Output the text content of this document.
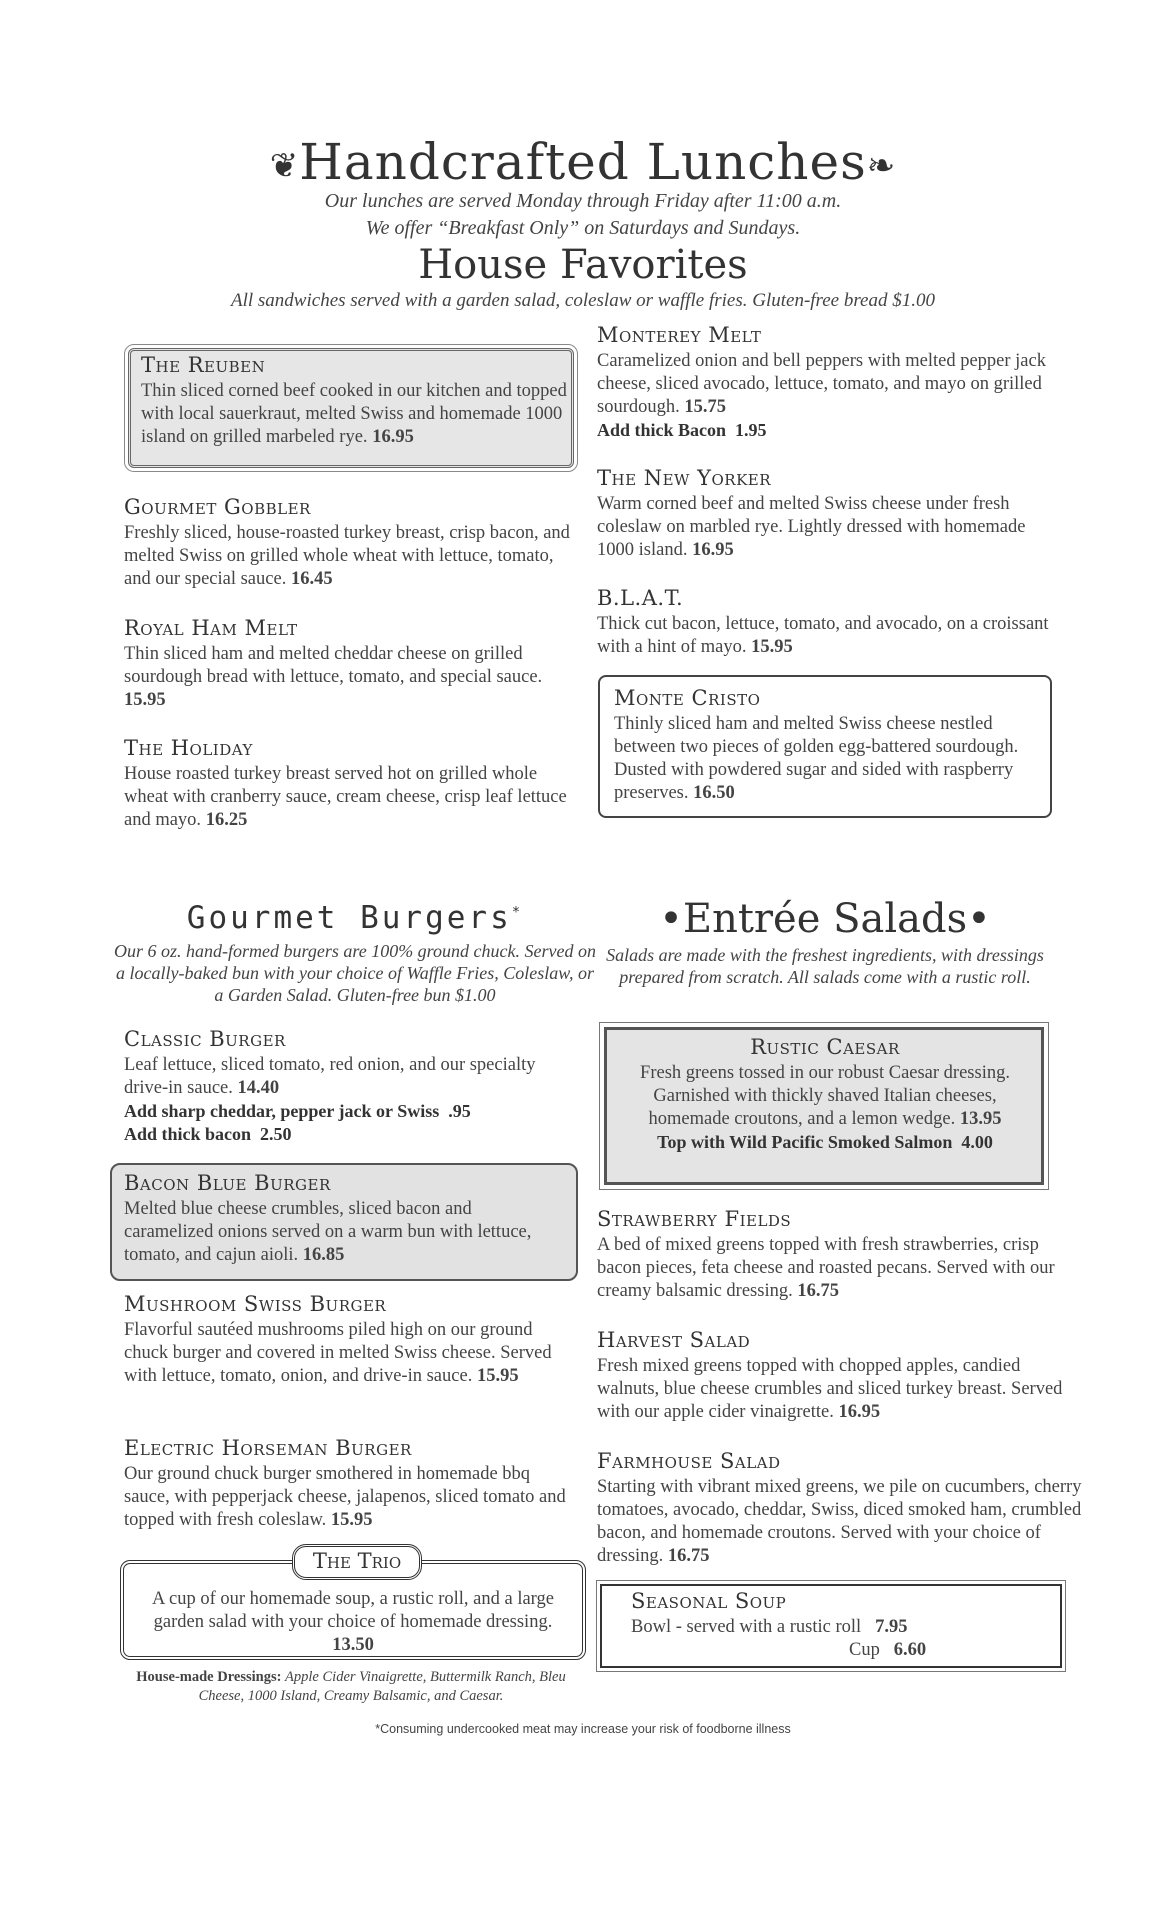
❦Handcrafted Lunches❧
Our lunches are served Monday through Friday after 11:00 a.m.
We offer “Breakfast Only” on Saturdays and Sundays.
House Favorites
All sandwiches served with a garden salad, coleslaw or waffle fries. Gluten-free bread $1.00
The Reuben
Thin sliced corned beef cooked in our kitchen and topped with local sauerkraut, melted Swiss and homemade 1000 island on grilled marbeled rye. 16.95
Gourmet Gobbler
Freshly sliced, house-roasted turkey breast, crisp bacon, and melted Swiss on grilled whole wheat with lettuce, tomato, and our special sauce. 16.45
Royal Ham Melt
Thin sliced ham and melted cheddar cheese on grilled sourdough bread with lettuce, tomato, and special sauce. 15.95
The Holiday
House roasted turkey breast served hot on grilled whole wheat with cranberry sauce, cream cheese, crisp leaf lettuce and mayo. 16.25
Monterey Melt
Caramelized onion and bell peppers with melted pepper jack cheese, sliced avocado, lettuce, tomato, and mayo on grilled sourdough. 15.75
Add thick Bacon 1.95
The New Yorker
Warm corned beef and melted Swiss cheese under fresh coleslaw on marbled rye. Lightly dressed with homemade 1000 island. 16.95
B.L.A.T.
Thick cut bacon, lettuce, tomato, and avocado, on a croissant with a hint of mayo. 15.95
Monte Cristo
Thinly sliced ham and melted Swiss cheese nestled between two pieces of golden egg-battered sourdough. Dusted with powdered sugar and sided with raspberry preserves. 16.50
Gourmet Burgers*
Our 6 oz. hand-formed burgers are 100% ground chuck. Served on a locally-baked bun with your choice of Waffle Fries, Coleslaw, or a Garden Salad. Gluten-free bun $1.00
Classic Burger
Leaf lettuce, sliced tomato, red onion, and our specialty drive-in sauce. 14.40
Add sharp cheddar, pepper jack or Swiss .95
Add thick bacon 2.50
Bacon Blue Burger
Melted blue cheese crumbles, sliced bacon and caramelized onions served on a warm bun with lettuce, tomato, and cajun aioli. 16.85
Mushroom Swiss Burger
Flavorful sautéed mushrooms piled high on our ground chuck burger and covered in melted Swiss cheese. Served with lettuce, tomato, onion, and drive-in sauce. 15.95
Electric Horseman Burger
Our ground chuck burger smothered in homemade bbq sauce, with pepperjack cheese, jalapenos, sliced tomato and topped with fresh coleslaw. 15.95
The Trio
A cup of our homemade soup, a rustic roll, and a large garden salad with your choice of homemade dressing. 13.50
House-made Dressings: Apple Cider Vinaigrette, Buttermilk Ranch, Bleu Cheese, 1000 Island, Creamy Balsamic, and Caesar.
•Entrée Salads•
Salads are made with the freshest ingredients, with dressings prepared from scratch. All salads come with a rustic roll.
Rustic Caesar
Fresh greens tossed in our robust Caesar dressing. Garnished with thickly shaved Italian cheeses, homemade croutons, and a lemon wedge. 13.95
Top with Wild Pacific Smoked Salmon 4.00
Strawberry Fields
A bed of mixed greens topped with fresh strawberries, crisp bacon pieces, feta cheese and roasted pecans. Served with our creamy balsamic dressing. 16.75
Harvest Salad
Fresh mixed greens topped with chopped apples, candied walnuts, blue cheese crumbles and sliced turkey breast. Served with our apple cider vinaigrette. 16.95
Farmhouse Salad
Starting with vibrant mixed greens, we pile on cucumbers, cherry tomatoes, avocado, cheddar, Swiss, diced smoked ham, crumbled bacon, and homemade croutons. Served with your choice of dressing. 16.75
Seasonal Soup
Bowl - served with a rustic roll 7.95
Cup 6.60
*Consuming undercooked meat may increase your risk of foodborne illness
